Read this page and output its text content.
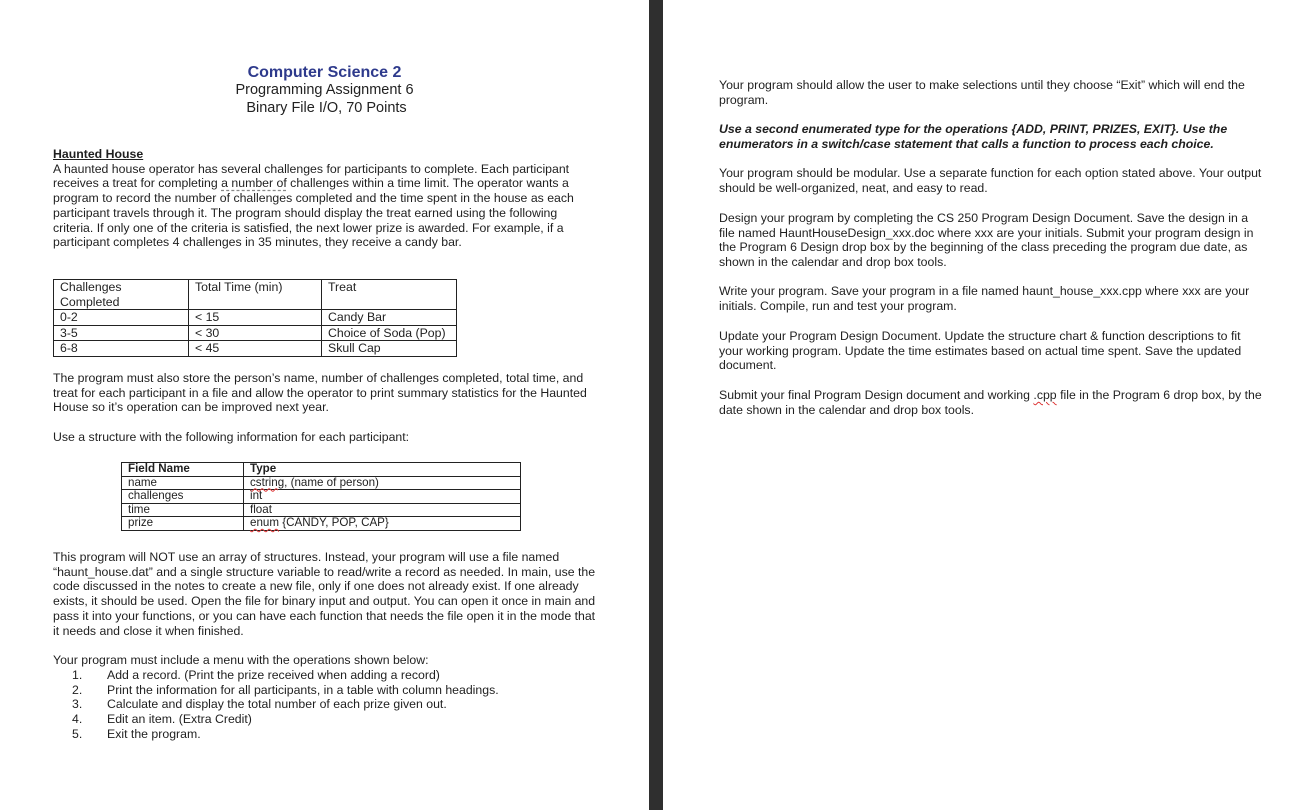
Computer Science 2
Programming Assignment 6
Binary File I/O, 70 Points
Haunted House
A haunted house operator has several challenges for participants to complete. Each participant receives a treat for completing a number of challenges within a time limit. The operator wants a program to record the number of challenges completed and the time spent in the house as each participant travels through it. The program should display the treat earned using the following criteria. If only one of the criteria is satisfied, the next lower prize is awarded. For example, if a participant completes 4 challenges in 35 minutes, they receive a candy bar.
Challenges Completed	Total Time (min)	Treat
0-2	< 15	Candy Bar
3-5	< 30	Choice of Soda (Pop)
6-8	< 45	Skull Cap
The program must also store the person’s name, number of challenges completed, total time, and treat for each participant in a file and allow the operator to print summary statistics for the Haunted House so it’s operation can be improved next year.
Use a structure with the following information for each participant:
Field Name	Type
name	cstring, (name of person)
challenges	int
time	float
prize	enum {CANDY, POP, CAP}
This program will NOT use an array of structures. Instead, your program will use a file named “haunt_house.dat” and a single structure variable to read/write a record as needed. In main, use the code discussed in the notes to create a new file, only if one does not already exist. If one already exists, it should be used. Open the file for binary input and output. You can open it once in main and pass it into your functions, or you can have each function that needs the file open it in the mode that it needs and close it when finished.
Your program must include a menu with the operations shown below:
1. Add a record. (Print the prize received when adding a record)
2. Print the information for all participants, in a table with column headings.
3. Calculate and display the total number of each prize given out.
4. Edit an item. (Extra Credit)
5. Exit the program.
Your program should allow the user to make selections until they choose “Exit” which will end the program.
Use a second enumerated type for the operations {ADD, PRINT, PRIZES, EXIT}. Use the enumerators in a switch/case statement that calls a function to process each choice.
Your program should be modular. Use a separate function for each option stated above. Your output should be well-organized, neat, and easy to read.
Design your program by completing the CS 250 Program Design Document. Save the design in a file named HauntHouseDesign_xxx.doc where xxx are your initials. Submit your program design in the Program 6 Design drop box by the beginning of the class preceding the program due date, as shown in the calendar and drop box tools.
Write your program. Save your program in a file named haunt_house_xxx.cpp where xxx are your initials. Compile, run and test your program.
Update your Program Design Document. Update the structure chart & function descriptions to fit your working program. Update the time estimates based on actual time spent. Save the updated document.
Submit your final Program Design document and working .cpp file in the Program 6 drop box, by the date shown in the calendar and drop box tools.
